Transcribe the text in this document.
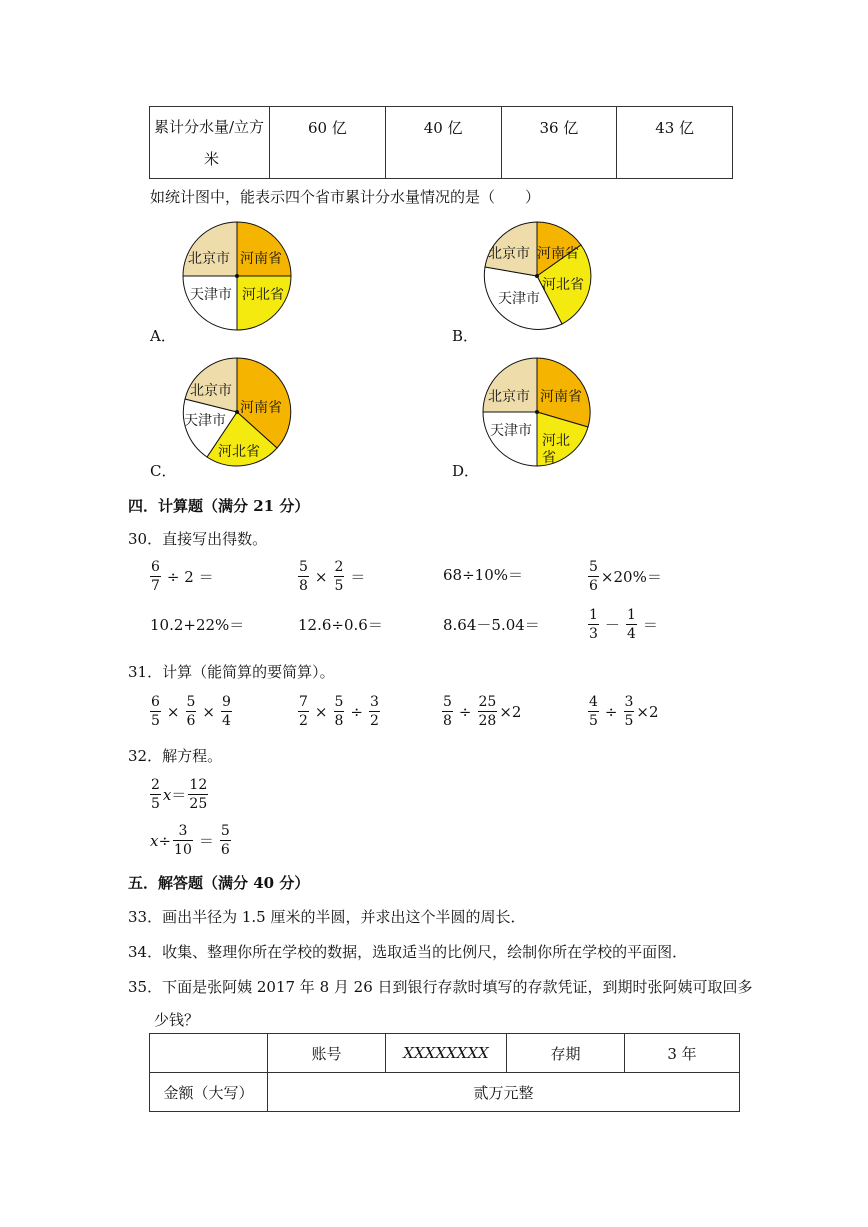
累计分水量/立方

米
	60 亿	40 亿	36 亿	43 亿
如统计图中，能表示四个省市累计分水量情况的是（　　）
北京市 河南省
天津市 河北省
A．
北京市 河南省
河北省
天津市
B．
北京市
河南省
天津市
河北省
C．
北京市 河南省
天津市
河北
省
D．
四．计算题（满分 21 分）
30．直接写出得数。
$\frac{6}{7} \div 2$ ＝	$\frac{5}{8} \times \frac{2}{5}$ ＝	68÷10%＝	$\frac{5}{6} \times 20\%=$
10.2+22%＝	12.6÷0.6＝	8.64－5.04＝	$\frac{1}{3} - \frac{1}{4}$ ＝
31．计算（能简算的要简算）。
$\frac{6}{5} \times \frac{5}{6} \times \frac{9}{4}$	$\frac{7}{2} \times \frac{5}{8} \div \frac{3}{2}$	$\frac{5}{8} \div \frac{25}{28} \times 2$	$\frac{4}{5} \div \frac{3}{5} \times 2$
32．解方程。
$\frac{2}{5}$ $x = \frac{12}{25}$
$x \div \frac{3}{10} = \frac{5}{6}$
五．解答题（满分 40 分）
33．画出半径为 1.5 厘米的半圆，并求出这个半圆的周长．
34．收集、整理你所在学校的数据，选取适当的比例尺，绘制你所在学校的平面图．
35．下面是张阿姨 2017 年 8 月 26 日到银行存款时填写的存款凭证，到期时张阿姨可取回多
少钱？
	账号	XXXXXXXX	存期	3 年
金额（大写）	贰万元整			
